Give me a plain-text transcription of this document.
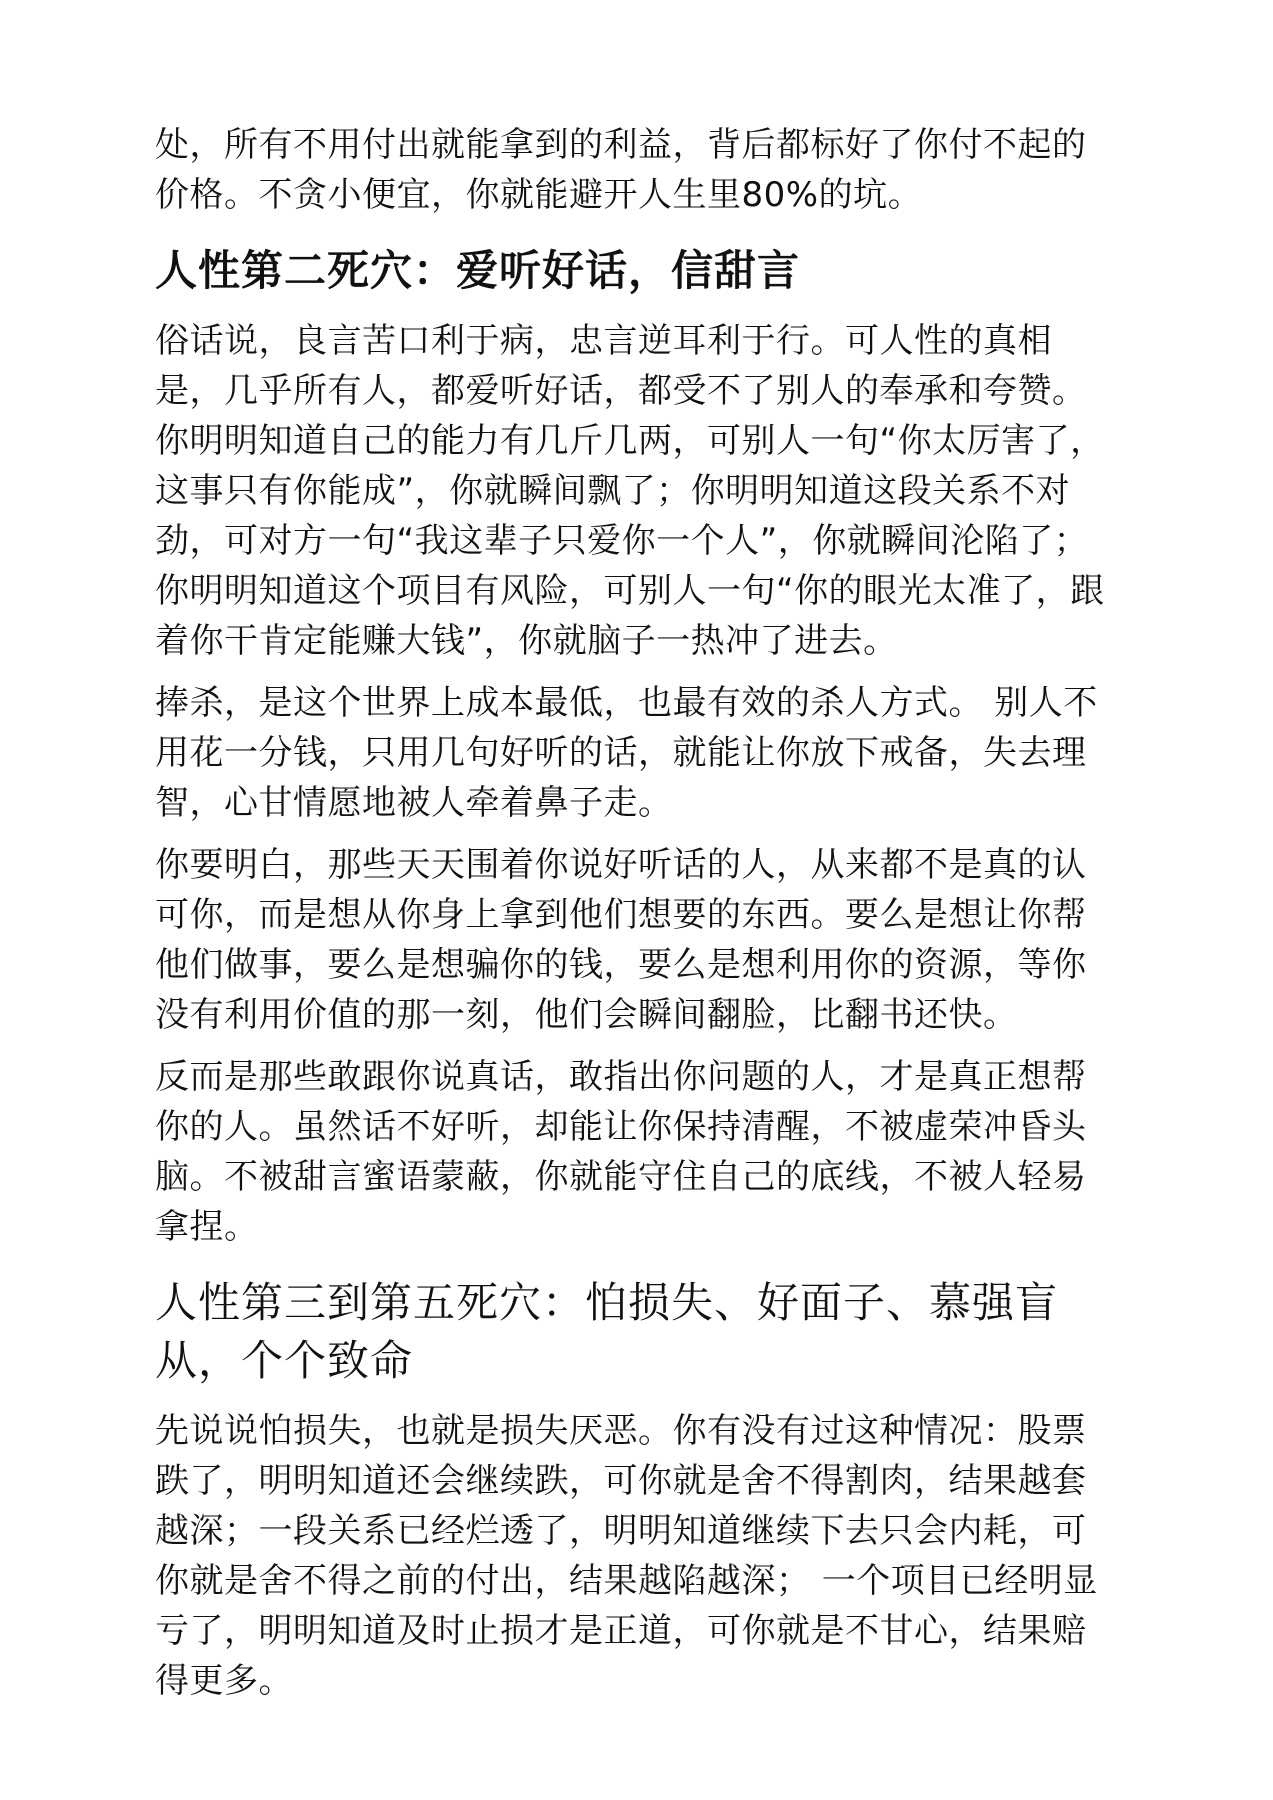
处，所有不用付出就能拿到的利益，背后都标好了你付不起的价格。不贪小便宜，你就能避开人生里80%的坑。

人性第二死穴：爱听好话，信甜言

俗话说，良言苦口利于病，忠言逆耳利于行。可人性的真相是，几乎所有人，都爱听好话，都受不了别人的奉承和夸赞。

你明明知道自己的能力有几斤几两，可别人一句“你太厉害了，这事只有你能成”，你就瞬间飘了；你明明知道这段关系不对劲，可对方一句“我这辈子只爱你一个人”，你就瞬间沦陷了；你明明知道这个项目有风险，可别人一句“你的眼光太准了，跟着你干肯定能赚大钱”，你就脑子一热冲了进去。

捧杀，是这个世界上成本最低，也最有效的杀人方式。 别人不用花一分钱，只用几句好听的话，就能让你放下戒备，失去理智，心甘情愿地被人牵着鼻子走。

你要明白，那些天天围着你说好听话的人，从来都不是真的认可你，而是想从你身上拿到他们想要的东西。要么是想让你帮他们做事，要么是想骗你的钱，要么是想利用你的资源，等你没有利用价值的那一刻，他们会瞬间翻脸，比翻书还快。

反而是那些敢跟你说真话，敢指出你问题的人，才是真正想帮你的人。虽然话不好听，却能让你保持清醒，不被虚荣冲昏头脑。不被甜言蜜语蒙蔽，你就能守住自己的底线，不被人轻易拿捏。

人性第三到第五死穴：怕损失、好面子、慕强盲从，个个致命

先说说怕损失，也就是损失厌恶。你有没有过这种情况：股票跌了，明明知道还会继续跌，可你就是舍不得割肉，结果越套越深；一段关系已经烂透了，明明知道继续下去只会内耗，可你就是舍不得之前的付出，结果越陷越深； 一个项目已经明显亏了，明明知道及时止损才是正道，可你就是不甘心，结果赔得更多。
